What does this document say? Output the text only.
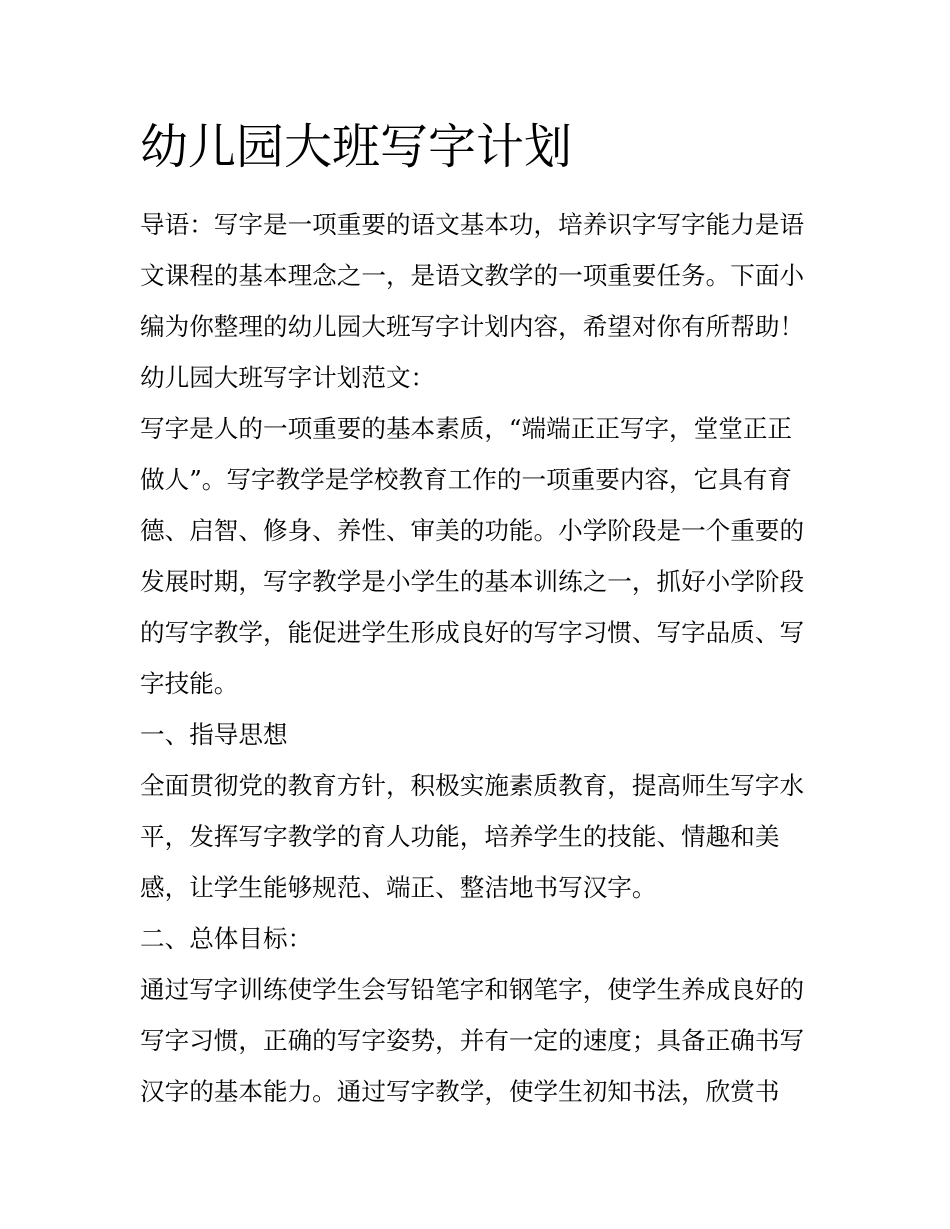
幼儿园大班写字计划
导语：写字是一项重要的语文基本功，培养识字写字能力是语
文课程的基本理念之一，是语文教学的一项重要任务。下面小
编为你整理的幼儿园大班写字计划内容，希望对你有所帮助！
幼儿园大班写字计划范文：
写字是人的一项重要的基本素质，“端端正正写字，堂堂正正
做人”。写字教学是学校教育工作的一项重要内容，它具有育
德、启智、修身、养性、审美的功能。小学阶段是一个重要的
发展时期，写字教学是小学生的基本训练之一，抓好小学阶段
的写字教学，能促进学生形成良好的写字习惯、写字品质、写
字技能。
一、指导思想
全面贯彻党的教育方针，积极实施素质教育，提高师生写字水
平，发挥写字教学的育人功能，培养学生的技能、情趣和美
感，让学生能够规范、端正、整洁地书写汉字。
二、总体目标：
通过写字训练使学生会写铅笔字和钢笔字，使学生养成良好的
写字习惯，正确的写字姿势，并有一定的速度；具备正确书写
汉字的基本能力。通过写字教学，使学生初知书法，欣赏书
